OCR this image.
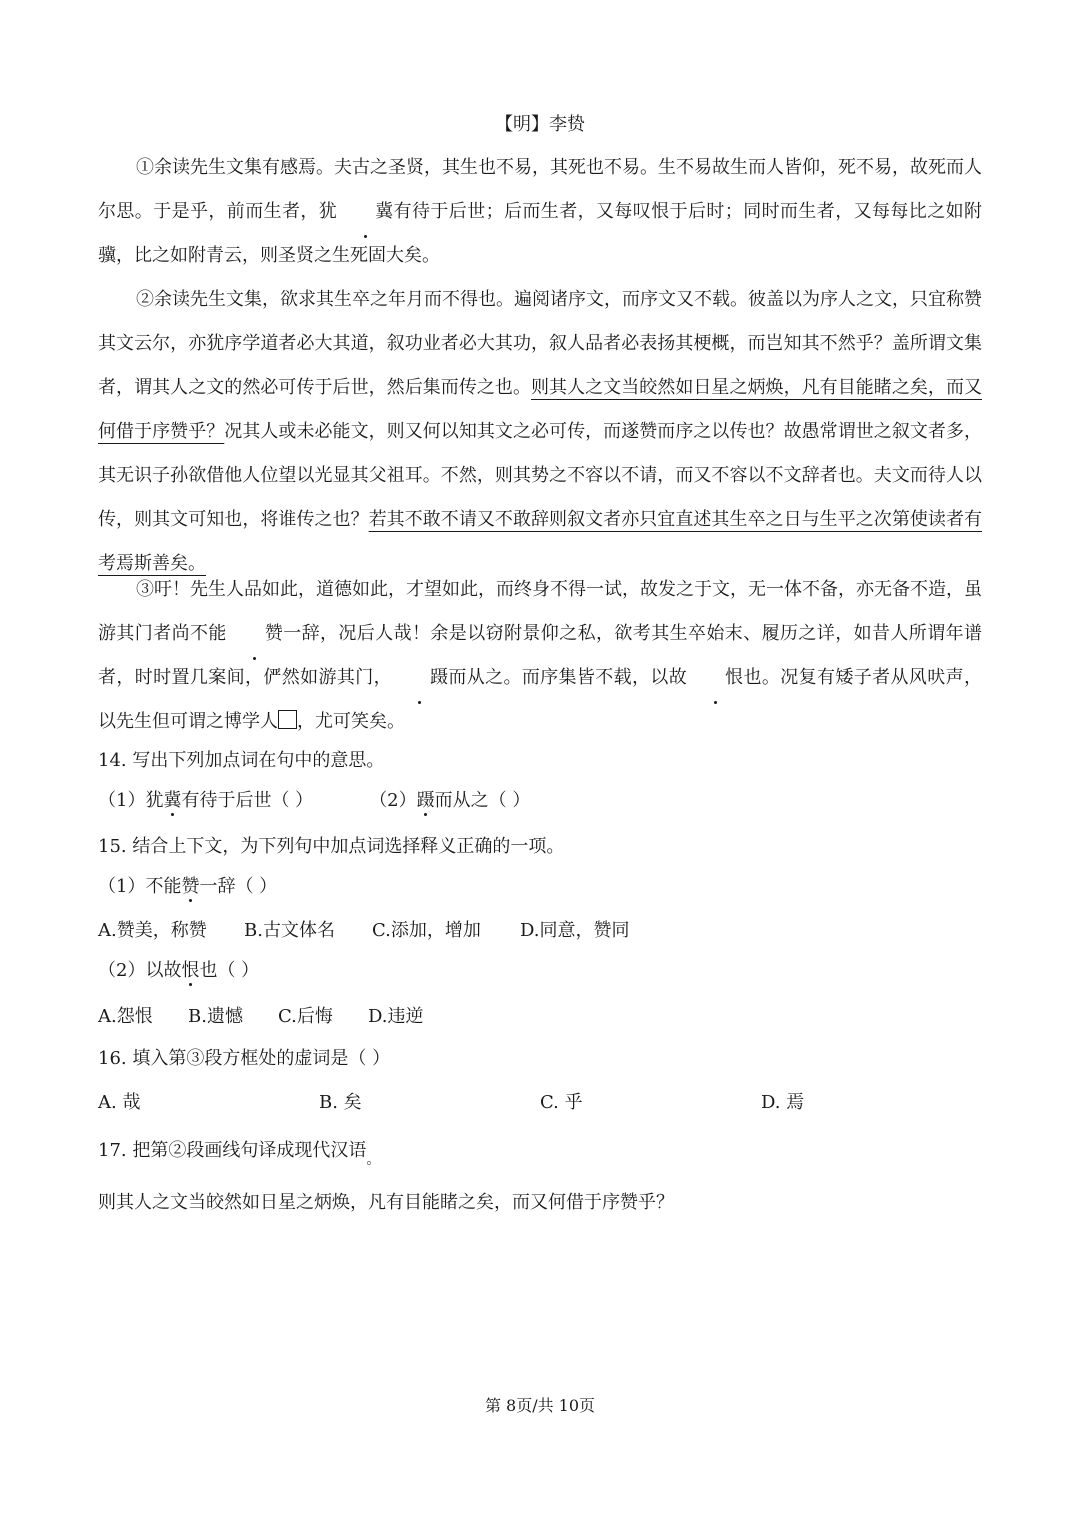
【明】李贽

①余读先生文集有感焉。夫古之圣贤，其生也不易，其死也不易。生不易故生而人皆仰，死不易，故死而人尔思。于是乎，前而生者，犹 冀有待于后世；后而生者，又每叹恨于后时；同时而生者，又每每比之如附骥，比之如附青云，则圣贤之生死固大矣。

②余读先生文集，欲求其生卒之年月而不得也。遍阅诸序文，而序文又不载。彼盖以为序人之文，只宜称赞其文云尔，亦犹序学道者必大其道，叙功业者必大其功，叙人品者必表扬其梗概，而岂知其不然乎？盖所谓文集者，谓其人之文的然必可传于后世，然后集而传之也。则其人之文当皎然如日星之炳焕，凡有目能睹之矣，而又何借于序赞乎？况其人或未必能文，则又何以知其文之必可传，而遂赞而序之以传也？故愚常谓世之叙文者多，其无识子孙欲借他人位望以光显其父祖耳。不然，则其势之不容以不请，而又不容以不文辞者也。夫文而待人以传，则其文可知也，将谁传之也？若其不敢不请又不敢辞则叙文者亦只宜直述其生卒之日与生平之次第使读者有考焉斯善矣。

③吁！先生人品如此，道德如此，才望如此，而终身不得一试，故发之于文，无一体不备，亦无备不造，虽游其门者尚不能 赞一辞，况后人哉！余是以窃附景仰之私，欲考其生卒始末、履历之详，如昔人所谓年谱者，时时置几案间，俨然如游其门， 蹑而从之。而序集皆不载，以故 恨也。况复有矮子者从风吠声，以先生但可谓之博学人 ，尤可笑矣。

14. 写出下列加点词在句中的意思。
（1）犹冀有待于后世（ ）	（2）蹑而从之（ ）
15. 结合上下文，为下列句中加点词选择释义正确的一项。
（1）不能赞一辞（ ）
A.赞美，称赞 B.古文体名 C.添加，增加 D.同意，赞同
（2）以故恨也（ ）
A.怨恨 B.遗憾 C.后悔 D.违逆
16. 填入第③段方框处的虚词是（ ）
A. 哉	B. 矣	C. 乎	D. 焉
17. 把第②段画线句译成现代汉语$_。$
则其人之文当皎然如日星之炳焕，凡有目能睹之矣，而又何借于序赞乎？
第 8页/共 10页
